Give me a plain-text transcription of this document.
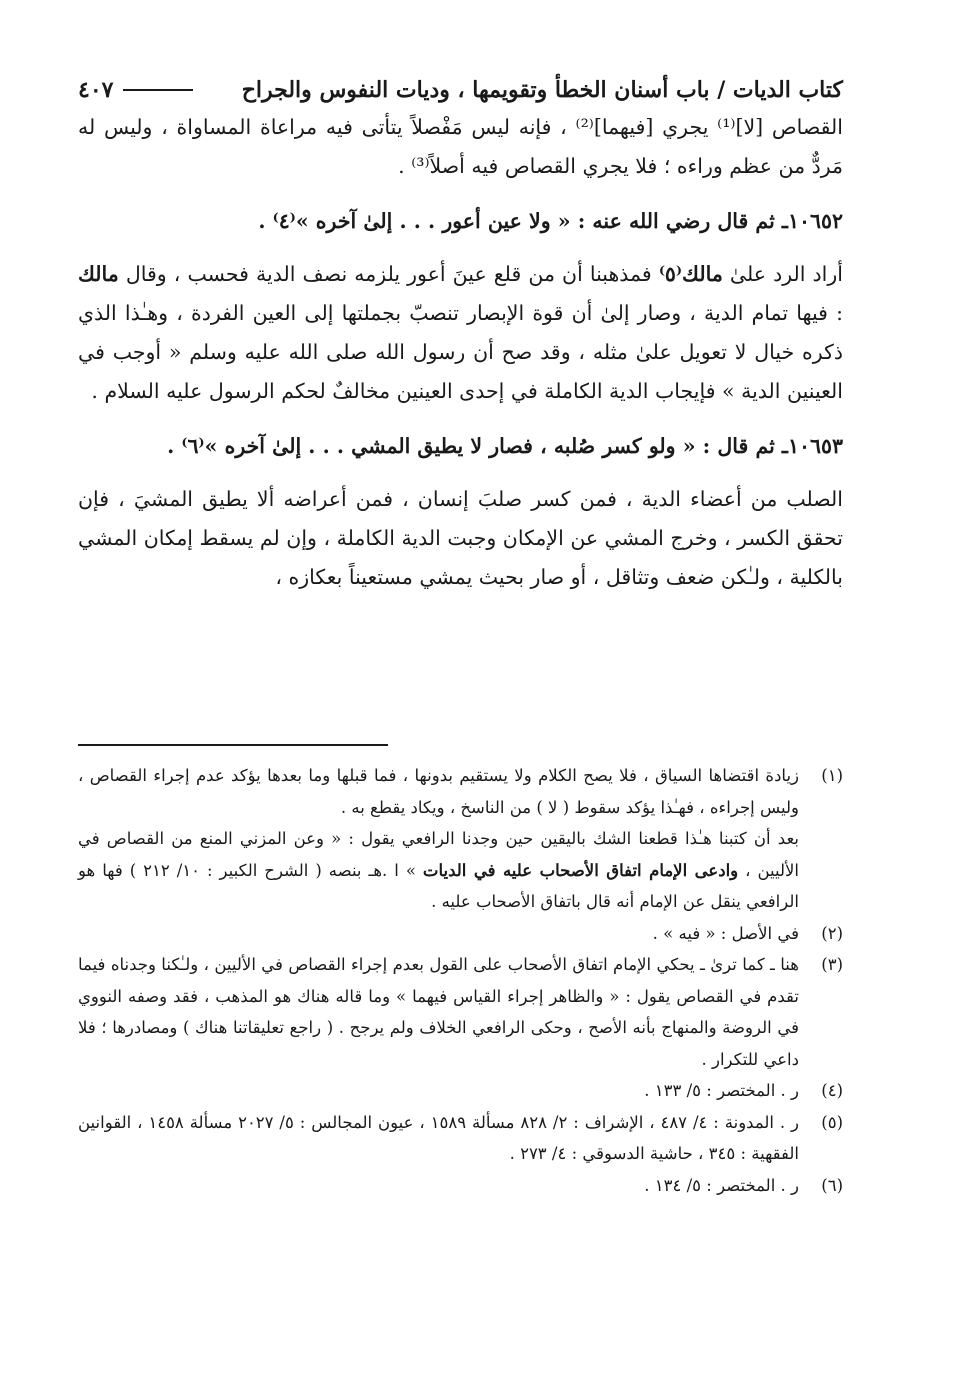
كتاب الديات / باب أسنان الخطأ وتقويمها ، وديات النفوس والجراح
٤٠٧

القصاص [لا]⁽¹⁾ يجري [فيهما]⁽²⁾ ، فإنه ليس مَفْصلاً يتأتى فيه مراعاة المساواة ، وليس له مَردٌّ من عظم وراءه ؛ فلا يجري القصاص فيه أصلاً⁽³⁾ .

١٠٦٥٢ـ ثم قال رضي الله عنه : « ولا عين أعور . . . إلىٰ آخره »⁽٤⁾ .

أراد الرد علىٰ مالك⁽٥⁾ فمذهبنا أن من قلع عينَ أعور يلزمه نصف الدية فحسب ، وقال مالك : فيها تمام الدية ، وصار إلىٰ أن قوة الإبصار تنصبّ بجملتها إلى العين الفردة ، وهـٰذا الذي ذكره خيال لا تعويل علىٰ مثله ، وقد صح أن رسول الله صلى الله عليه وسلم « أوجب في العينين الدية » فإيجاب الدية الكاملة في إحدى العينين مخالفٌ لحكم الرسول عليه السلام .

١٠٦٥٣ـ ثم قال : « ولو كسر صُلبه ، فصار لا يطيق المشي . . . إلىٰ آخره »⁽٦⁾ .

الصلب من أعضاء الدية ، فمن كسر صلبَ إنسان ، فمن أعراضه ألا يطيق المشيَ ، فإن تحقق الكسر ، وخرج المشي عن الإمكان وجبت الدية الكاملة ، وإن لم يسقط إمكان المشي بالكلية ، ولـٰكن ضعف وتثاقل ، أو صار بحيث يمشي مستعيناً بعكازه ،

(١)
زيادة اقتضاها السياق ، فلا يصح الكلام ولا يستقيم بدونها ، فما قبلها وما بعدها يؤكد عدم إجراء القصاص ، وليس إجراءه ، فهـٰذا يؤكد سقوط ( لا ) من الناسخ ، ويكاد يقطع به .
بعد أن كتبنا هـٰذا قطعنا الشك باليقين حين وجدنا الرافعي يقول : « وعن المزني المنع من القصاص في الأليين ، وادعى الإمام اتفاق الأصحاب عليه في الديات » ا .هـ بنصه ( الشرح الكبير : ١٠/ ٢١٢ ) فها هو الرافعي ينقل عن الإمام أنه قال باتفاق الأصحاب عليه .
(٢)
في الأصل : « فيه » .
(٣)
هنا ـ كما ترىٰ ـ يحكي الإمام اتفاق الأصحاب على القول بعدم إجراء القصاص في الأليين ، ولـٰكنا وجدناه فيما تقدم في القصاص يقول : « والظاهر إجراء القياس فيهما » وما قاله هناك هو المذهب ، فقد وصفه النووي في الروضة والمنهاج بأنه الأصح ، وحكى الرافعي الخلاف ولم يرجح . ( راجع تعليقاتنا هناك ) ومصادرها ؛ فلا داعي للتكرار .
(٤)
ر . المختصر : ٥/ ١٣٣ .
(٥)
ر . المدونة : ٤/ ٤٨٧ ، الإشراف : ٢/ ٨٢٨ مسألة ١٥٨٩ ، عيون المجالس : ٥/ ٢٠٢٧ مسألة ١٤٥٨ ، القوانين الفقهية : ٣٤٥ ، حاشية الدسوقي : ٤/ ٢٧٣ .
(٦)
ر . المختصر : ٥/ ١٣٤ .
